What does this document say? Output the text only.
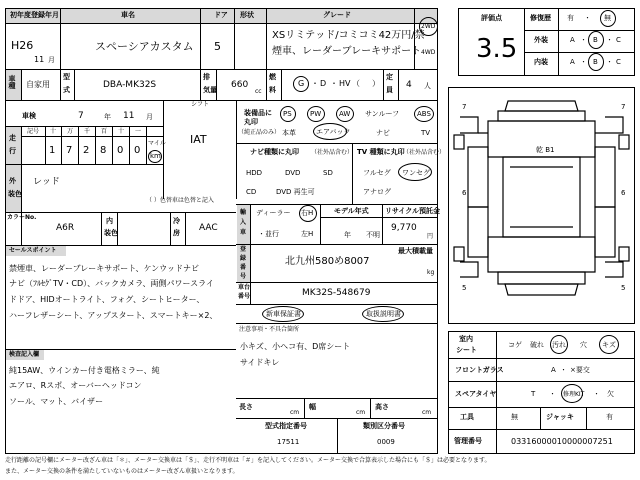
初年度登録年月	車名	ドア 形状	グレード
H26
11 月
スペーシアカスタム 5
XSリミテッド/コミコミ42万円/禁
煙車、レーダーブレーキサポート
2WD
4WD
車種 自家用
型
式	DBA-MK32S
排
気量 660
cc
燃
料
G ・ D ・ HV （ ）
定
員 4 人
車検	7	年 11 月
シフト
IAT
走
行
記号 十 万 千 百 十 一
1 7 2 8 0 0
マイル
km
外
装色
レッド
（ ）色替車は色替と記入
カラーNo.
A6R
内
装色
冷
房 AAC
セールスポイント
禁煙車、レーダーブレーキサポート、ケンウッドナビ
ナビ（ﾌﾙｾｸﾞTV・CD）、バックカメラ、両側パワースライ
ドドア、HIDオートライト、フォグ、シートヒーター、
ハーフレザーシート、アップスタート、スマートキー×2、
検査記入欄
純15AW、ウインカー付き電格ミラー、純
エアロ、Rスポ、オーバーヘッドコン
ソール、マット、バイザー
装備品に
丸印
（純正品のみ）
PS	PW	AW サンルーフ	ABS
本革	エアバック	ナビ	TV
ナビ種類に丸印 （社外品含む）
HDD	DVD	SD
CD	DVD 再生可
TV 種類に丸印
（社外品含む）
フルセグ ワンセグ
アナログ
輸
入
車
ディーラー 右H
・並行	左H
モデル年式
年 不明
リサイクル預託金
9,770
円
登
録
番
号
北九州580め8007
最大積載量
kg
車台
番号	MK32S-548679
新車保証書	取扱説明書
注意事項・不具合箇所
小キズ、小ヘコ有、D席シート
サイドキレ
長さ
cm
幅
cm
高さ
cm
型式指定番号
17511
類別区分番号
0009
評価点
3.5
修復歴 有 ・ 無
外装	A ・ B ・ C
内装	A ・ B ・ C
7	7
6	6
5	5
乾 B1
室内
シート
コゲ 破れ 汚れ 穴 キズ
フロントガラス	A ・ ×要交
スペアタイヤ	T ・ 修理KIT ・ 欠
工具	無	ジャッキ	有
管理番号	03316000010000007251
走行距離の記号欄にメーター改ざん車は「＊」、メーター交換車は「＄」、走行不明車は「＃」を記入してください。メーター交換で合算表示した場合にも「＄」は必要となります。
また、メーター交換の条件を満たしていないものはメーター改ざん車扱いとなります。
